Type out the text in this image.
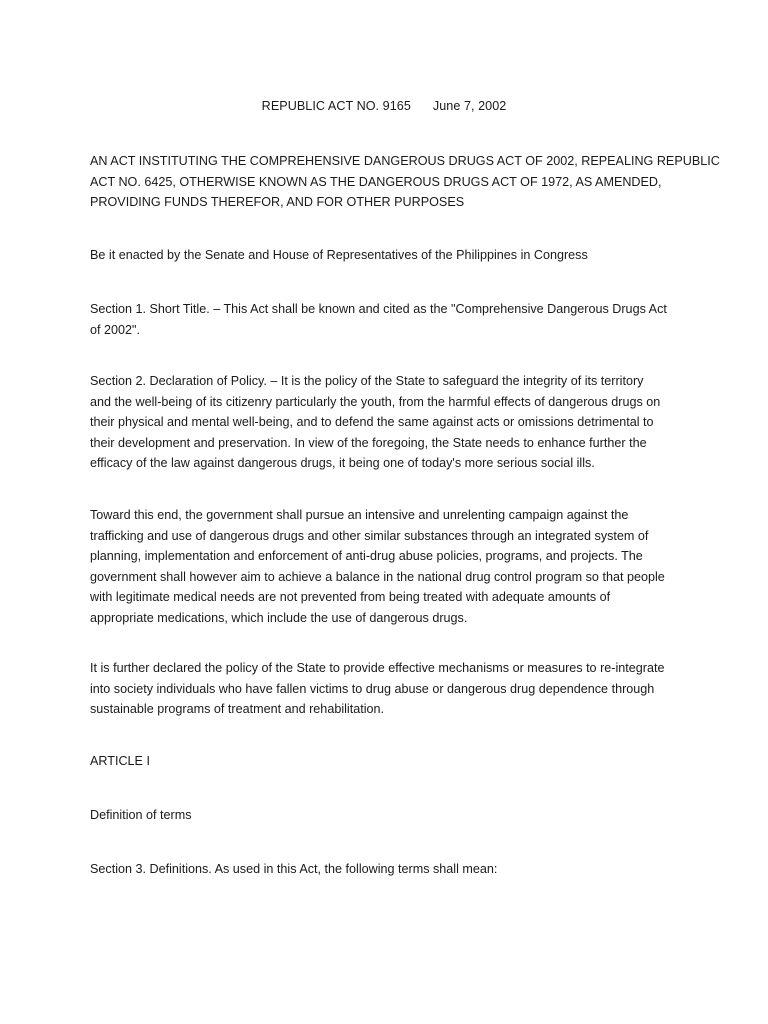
REPUBLIC ACT NO. 9165 June 7, 2002
AN ACT INSTITUTING THE COMPREHENSIVE DANGEROUS DRUGS ACT OF 2002, REPEALING REPUBLIC
ACT NO. 6425, OTHERWISE KNOWN AS THE DANGEROUS DRUGS ACT OF 1972, AS AMENDED,
PROVIDING FUNDS THEREFOR, AND FOR OTHER PURPOSES
Be it enacted by the Senate and House of Representatives of the Philippines in Congress
Section 1. Short Title. – This Act shall be known and cited as the "Comprehensive Dangerous Drugs Act
of 2002".
Section 2. Declaration of Policy. – It is the policy of the State to safeguard the integrity of its territory
and the well-being of its citizenry particularly the youth, from the harmful effects of dangerous drugs on
their physical and mental well-being, and to defend the same against acts or omissions detrimental to
their development and preservation. In view of the foregoing, the State needs to enhance further the
efficacy of the law against dangerous drugs, it being one of today's more serious social ills.
Toward this end, the government shall pursue an intensive and unrelenting campaign against the
trafficking and use of dangerous drugs and other similar substances through an integrated system of
planning, implementation and enforcement of anti-drug abuse policies, programs, and projects. The
government shall however aim to achieve a balance in the national drug control program so that people
with legitimate medical needs are not prevented from being treated with adequate amounts of
appropriate medications, which include the use of dangerous drugs.
It is further declared the policy of the State to provide effective mechanisms or measures to re-integrate
into society individuals who have fallen victims to drug abuse or dangerous drug dependence through
sustainable programs of treatment and rehabilitation.
ARTICLE I
Definition of terms
Section 3. Definitions. As used in this Act, the following terms shall mean:
